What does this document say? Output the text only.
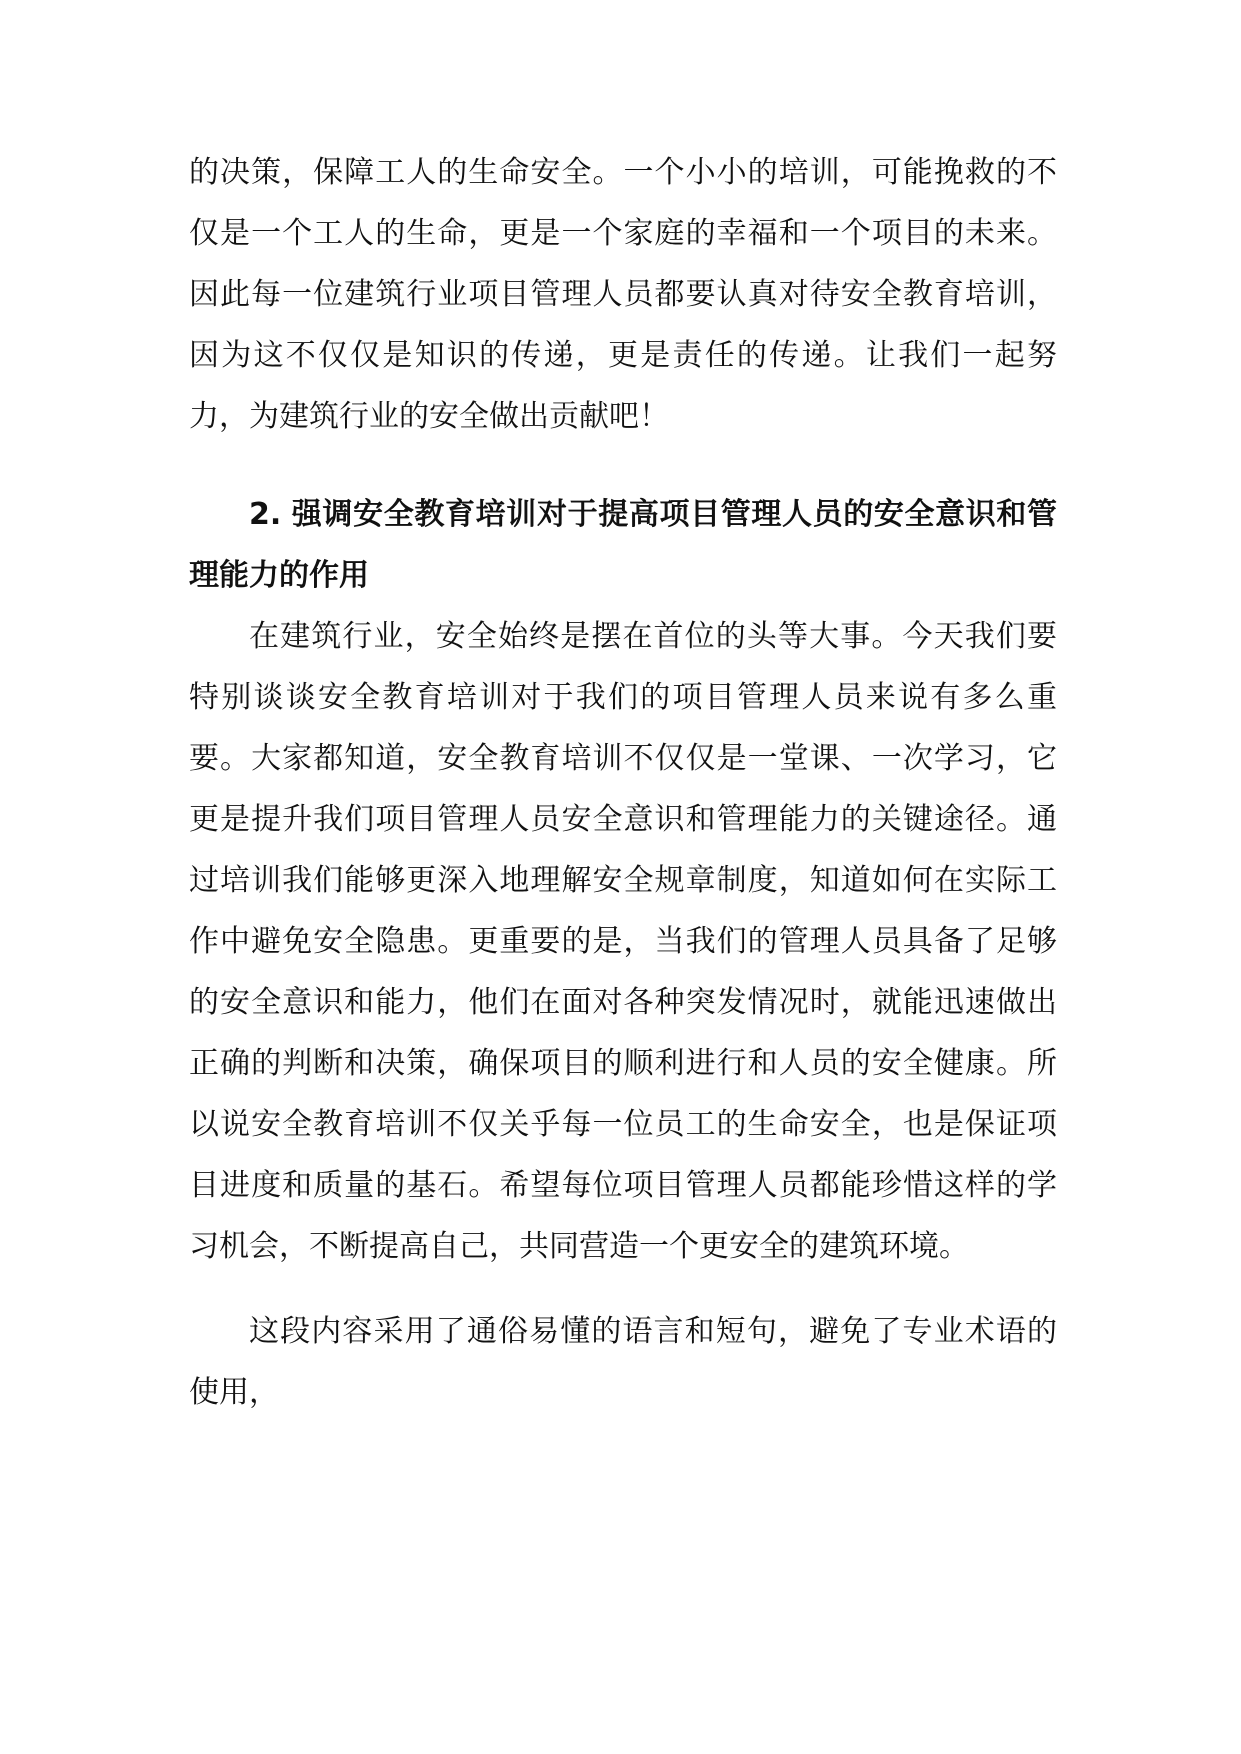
的决策，保障工人的生命安全。一个小小的培训，可能挽救的不仅是一个工人的生命，更是一个家庭的幸福和一个项目的未来。因此每一位建筑行业项目管理人员都要认真对待安全教育培训，因为这不仅仅是知识的传递，更是责任的传递。让我们一起努力，为建筑行业的安全做出贡献吧！

2. 强调安全教育培训对于提高项目管理人员的安全意识和管理能力的作用

在建筑行业，安全始终是摆在首位的头等大事。今天我们要特别谈谈安全教育培训对于我们的项目管理人员来说有多么重要。大家都知道，安全教育培训不仅仅是一堂课、一次学习，它更是提升我们项目管理人员安全意识和管理能力的关键途径。通过培训我们能够更深入地理解安全规章制度，知道如何在实际工作中避免安全隐患。更重要的是，当我们的管理人员具备了足够的安全意识和能力，他们在面对各种突发情况时，就能迅速做出正确的判断和决策，确保项目的顺利进行和人员的安全健康。所以说安全教育培训不仅关乎每一位员工的生命安全，也是保证项目进度和质量的基石。希望每位项目管理人员都能珍惜这样的学习机会，不断提高自己，共同营造一个更安全的建筑环境。

这段内容采用了通俗易懂的语言和短句，避免了专业术语的使用，
